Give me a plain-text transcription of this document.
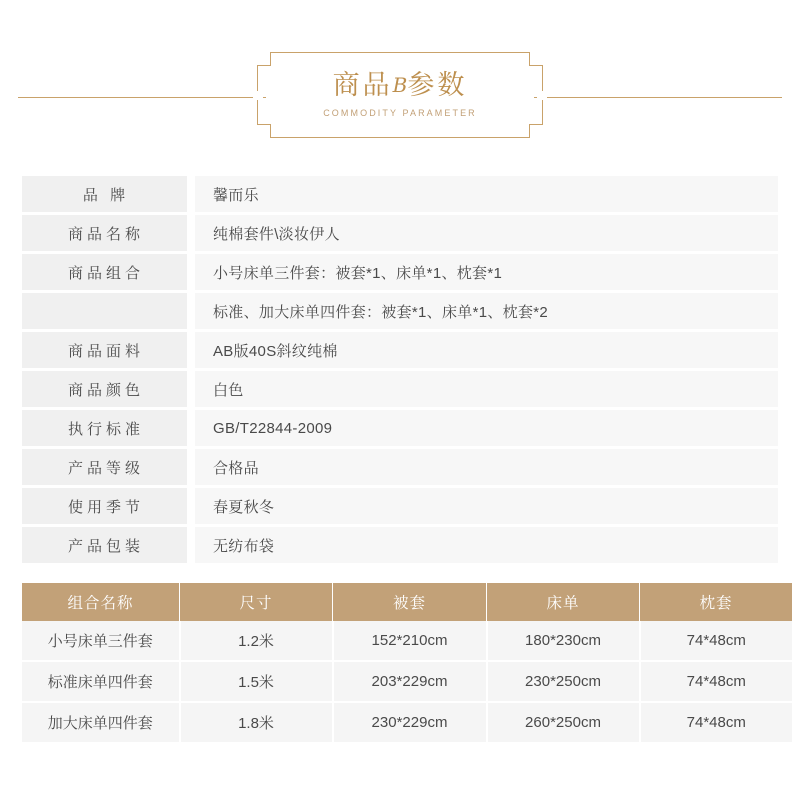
商品B参数
COMMODITY PARAMETER
品 牌		馨而乐
商品名称		纯棉套件\淡妆伊人
商品组合		小号床单三件套：被套*1、床单*1、枕套*1
		标准、加大床单四件套：被套*1、床单*1、枕套*2
商品面料		AB版40S斜纹纯棉
商品颜色		白色
执行标准		GB/T22844-2009
产品等级		合格品
使用季节		春夏秋冬
产品包装		无纺布袋
组合名称	尺寸	被套	床单	枕套
小号床单三件套	1.2米	152*210cm	180*230cm	74*48cm
标准床单四件套	1.5米	203*229cm	230*250cm	74*48cm
加大床单四件套	1.8米	230*229cm	260*250cm	74*48cm
